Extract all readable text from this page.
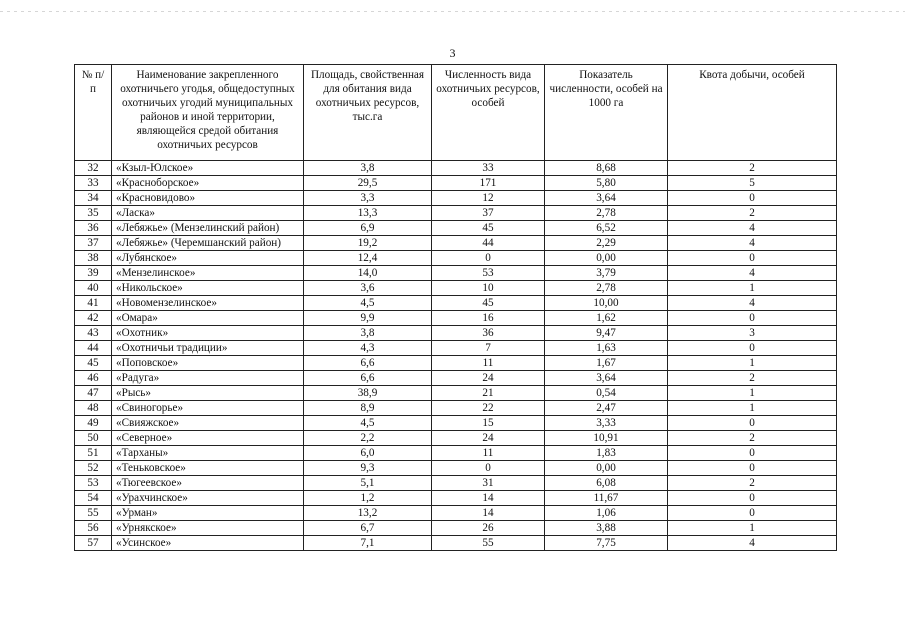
3
№ п/п	Наименование закрепленного охотничьего угодья, общедоступных охотничьих угодий муниципальных районов и иной территории, являющейся средой обитания охотничьих ресурсов	Площадь, свойственная для обитания вида охотничьих ресурсов, тыс.га	Численность вида охотничьих ресурсов, особей	Показатель численности, особей на 1000 га	Квота добычи, особей
32	«Кзыл-Юлское»	3,8	33	8,68	2
33	«Красноборское»	29,5	171	5,80	5
34	«Красновидово»	3,3	12	3,64	0
35	«Ласка»	13,3	37	2,78	2
36	«Лебяжье» (Мензелинский район)	6,9	45	6,52	4
37	«Лебяжье» (Черемшанский район)	19,2	44	2,29	4
38	«Лубянское»	12,4	0	0,00	0
39	«Мензелинское»	14,0	53	3,79	4
40	«Никольское»	3,6	10	2,78	1
41	«Новомензелинское»	4,5	45	10,00	4
42	«Омара»	9,9	16	1,62	0
43	«Охотник»	3,8	36	9,47	3
44	«Охотничьи традиции»	4,3	7	1,63	0
45	«Поповское»	6,6	11	1,67	1
46	«Радуга»	6,6	24	3,64	2
47	«Рысь»	38,9	21	0,54	1
48	«Свиногорье»	8,9	22	2,47	1
49	«Свияжское»	4,5	15	3,33	0
50	«Северное»	2,2	24	10,91	2
51	«Тарханы»	6,0	11	1,83	0
52	«Теньковское»	9,3	0	0,00	0
53	«Тюгеевское»	5,1	31	6,08	2
54	«Урахчинское»	1,2	14	11,67	0
55	«Урман»	13,2	14	1,06	0
56	«Урнякское»	6,7	26	3,88	1
57	«Усинское»	7,1	55	7,75	4
